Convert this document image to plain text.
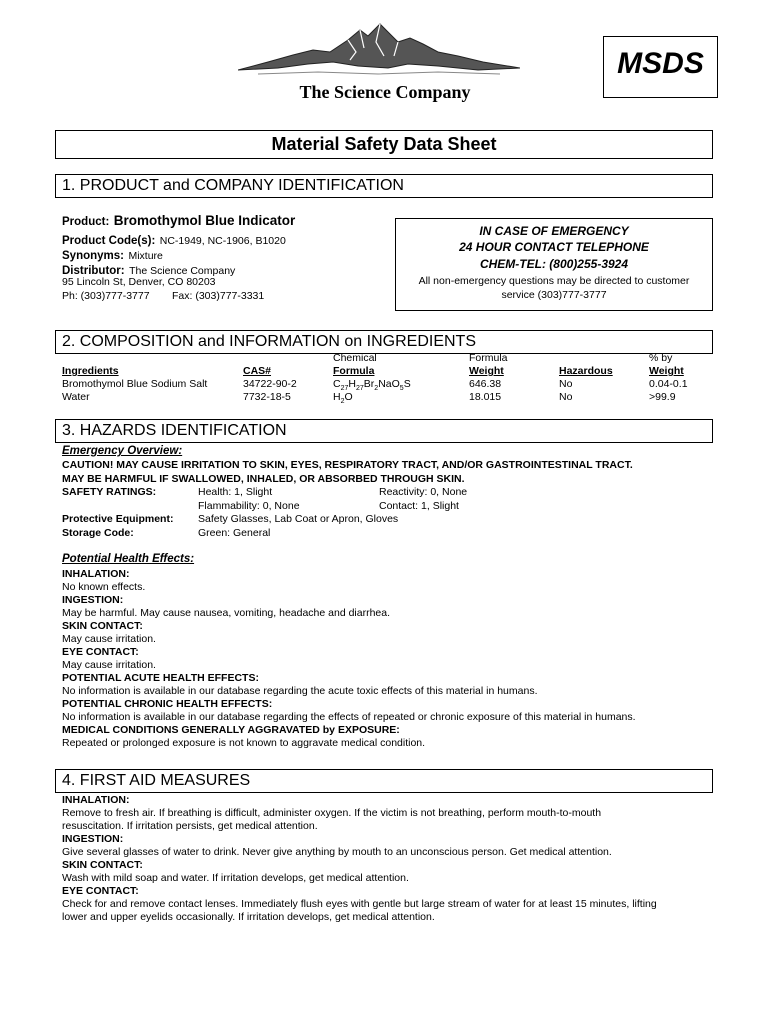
The Science Company
MSDS
Material Safety Data Sheet
1. PRODUCT and COMPANY IDENTIFICATION
Product: Bromothymol Blue Indicator
Product Code(s): NC-1949, NC-1906, B1020
Synonyms: Mixture
Distributor: The Science Company
95 Lincoln St, Denver, CO 80203
Ph: (303)777-3777 Fax: (303)777-3331
IN CASE OF EMERGENCY
24 HOUR CONTACT TELEPHONE
CHEM-TEL: (800)255-3924
All non-emergency questions may be directed to customer service (303)777-3777
2. COMPOSITION and INFORMATION on INGREDIENTS
		Chemical	Formula		% by
Ingredients	CAS#	Formula	Weight	Hazardous	Weight
Bromothymol Blue Sodium Salt	34722-90-2	$C_{27}H_{27}Br_2NaO_5S$	646.38	No	0.04-0.1
Water	7732-18-5	$H_2O$	18.015	No	>99.9
3. HAZARDS IDENTIFICATION
Emergency Overview:
CAUTION! MAY CAUSE IRRITATION TO SKIN, EYES, RESPIRATORY TRACT, AND/OR GASTROINTESTINAL TRACT.
MAY BE HARMFUL IF SWALLOWED, INHALED, OR ABSORBED THROUGH SKIN.
SAFETY RATINGS:	Health: 1, Slight	Reactivity: 0, None
Flammability: 0, None	Contact: 1, Slight
Protective Equipment: Safety Glasses, Lab Coat or Apron, Gloves
Storage Code:	Green: General
Potential Health Effects:
INHALATION:
No known effects.
INGESTION:
May be harmful. May cause nausea, vomiting, headache and diarrhea.
SKIN CONTACT:
May cause irritation.
EYE CONTACT:
May cause irritation.
POTENTIAL ACUTE HEALTH EFFECTS:
No information is available in our database regarding the acute toxic effects of this material in humans.
POTENTIAL CHRONIC HEALTH EFFECTS:
No information is available in our database regarding the effects of repeated or chronic exposure of this material in humans.
MEDICAL CONDITIONS GENERALLY AGGRAVATED by EXPOSURE:
Repeated or prolonged exposure is not known to aggravate medical condition.
4. FIRST AID MEASURES
INHALATION:
Remove to fresh air. If breathing is difficult, administer oxygen. If the victim is not breathing, perform mouth-to-mouth
resuscitation. If irritation persists, get medical attention.
INGESTION:
Give several glasses of water to drink. Never give anything by mouth to an unconscious person. Get medical attention.
SKIN CONTACT:
Wash with mild soap and water. If irritation develops, get medical attention.
EYE CONTACT:
Check for and remove contact lenses. Immediately flush eyes with gentle but large stream of water for at least 15 minutes, lifting
lower and upper eyelids occasionally. If irritation develops, get medical attention.
